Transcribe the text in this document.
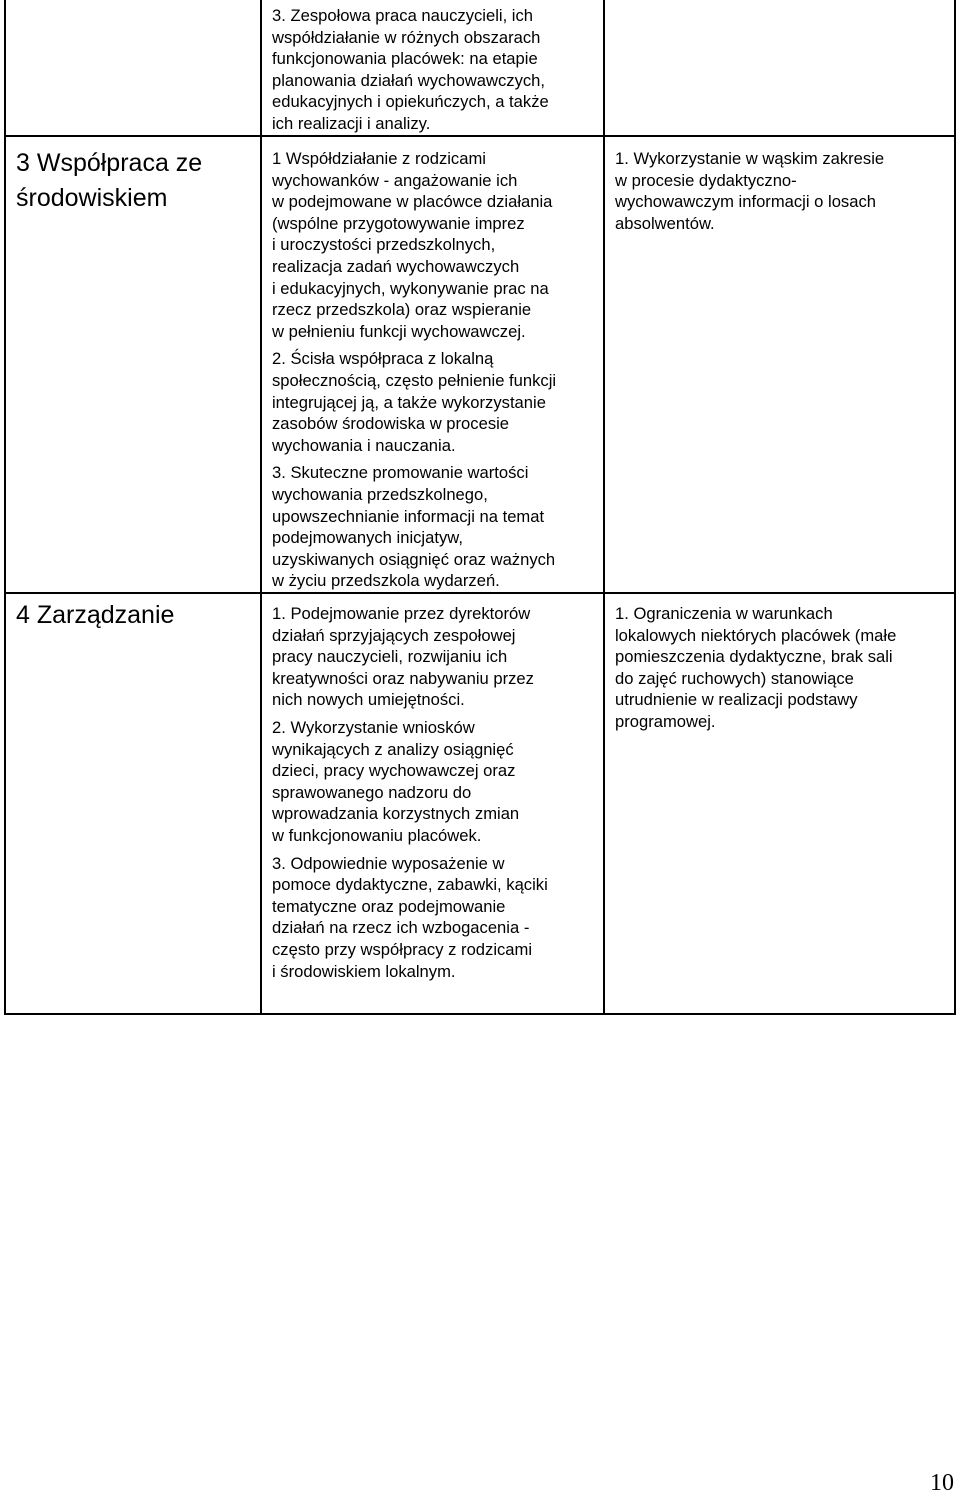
3. Zespołowa praca nauczycieli, ich
współdziałanie w różnych obszarach
funkcjonowania placówek: na etapie
planowania działań wychowawczych,
edukacyjnych i opiekuńczych, a także
ich realizacji i analizy.

3 Współpraca ze
środowiskiem

1 Współdziałanie z rodzicami
wychowanków - angażowanie ich
w podejmowane w placówce działania
(wspólne przygotowywanie imprez
i uroczystości przedszkolnych,
realizacja zadań wychowawczych
i edukacyjnych, wykonywanie prac na
rzecz przedszkola) oraz wspieranie
w pełnieniu funkcji wychowawczej.

2. Ścisła współpraca z lokalną
społecznością, często pełnienie funkcji
integrującej ją, a także wykorzystanie
zasobów środowiska w procesie
wychowania i nauczania.

3. Skuteczne promowanie wartości
wychowania przedszkolnego,
upowszechnianie informacji na temat
podejmowanych inicjatyw,
uzyskiwanych osiągnięć oraz ważnych
w życiu przedszkola wydarzeń.

1. Wykorzystanie w wąskim zakresie
w procesie dydaktyczno-
wychowawczym informacji o losach
absolwentów.

4 Zarządzanie	1. Podejmowanie przez dyrektorów
działań sprzyjających zespołowej
pracy nauczycieli, rozwijaniu ich
kreatywności oraz nabywaniu przez
nich nowych umiejętności.

2. Wykorzystanie wniosków
wynikających z analizy osiągnięć
dzieci, pracy wychowawczej oraz
sprawowanego nadzoru do
wprowadzania korzystnych zmian
w funkcjonowaniu placówek.

3. Odpowiednie wyposażenie w
pomoce dydaktyczne, zabawki, kąciki
tematyczne oraz podejmowanie
działań na rzecz ich wzbogacenia -
często przy współpracy z rodzicami
i środowiskiem lokalnym.

1. Ograniczenia w warunkach
lokalowych niektórych placówek (małe
pomieszczenia dydaktyczne, brak sali
do zajęć ruchowych) stanowiące
utrudnienie w realizacji podstawy
programowej.

10
